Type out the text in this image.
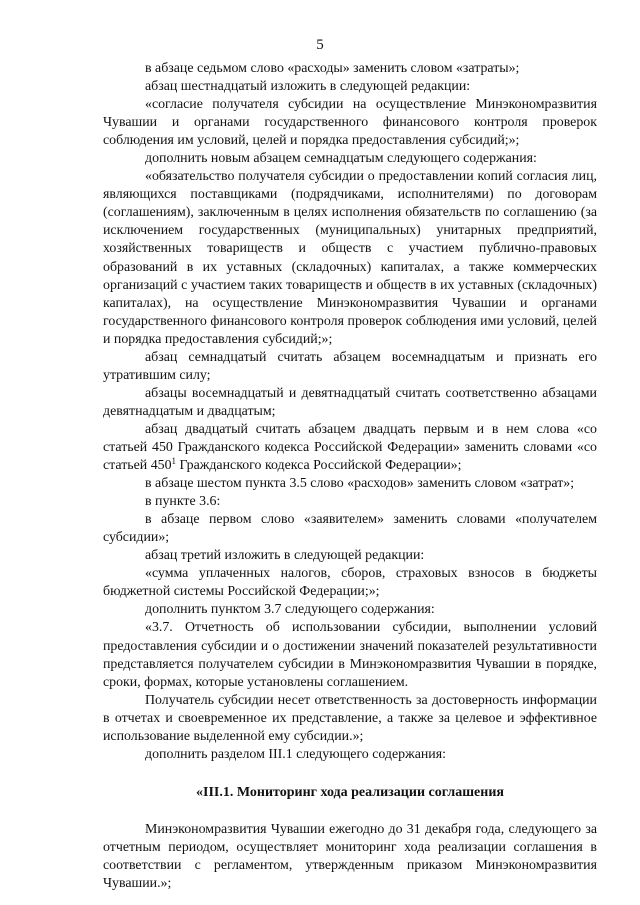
5

в абзаце седьмом слово «расходы» заменить словом «затраты»;

абзац шестнадцатый изложить в следующей редакции:

«согласие получателя субсидии на осуществление Минэкономразвития Чувашии и органами государственного финансового контроля проверок соблюдения им условий, целей и порядка предоставления субсидий;»;

дополнить новым абзацем семнадцатым следующего содержания:

«обязательство получателя субсидии о предоставлении копий согласия лиц, являющихся поставщиками (подрядчиками, исполнителями) по договорам (соглашениям), заключенным в целях исполнения обязательств по соглашению (за исключением государственных (муниципальных) унитарных предприятий, хозяйственных товариществ и обществ с участием публично-правовых образований в их уставных (складочных) капиталах, а также коммерческих организаций с участием таких товариществ и обществ в их уставных (складочных) капиталах), на осуществление Минэкономразвития Чувашии и органами государственного финансового контроля проверок соблюдения ими условий, целей и порядка предоставления субсидий;»;

абзац семнадцатый считать абзацем восемнадцатым и признать его утратившим силу;

абзацы восемнадцатый и девятнадцатый считать соответственно абзацами девятнадцатым и двадцатым;

абзац двадцатый считать абзацем двадцать первым и в нем слова «со статьей 450 Гражданского кодекса Российской Федерации» заменить словами «со статьей $450^1$ Гражданского кодекса Российской Федерации»;

в абзаце шестом пункта 3.5 слово «расходов» заменить словом «затрат»;

в пункте 3.6:

в абзаце первом слово «заявителем» заменить словами «получателем субсидии»;

абзац третий изложить в следующей редакции:

«сумма уплаченных налогов, сборов, страховых взносов в бюджеты бюджетной системы Российской Федерации;»;

дополнить пунктом 3.7 следующего содержания:

«3.7. Отчетность об использовании субсидии, выполнении условий предоставления субсидии и о достижении значений показателей результативности представляется получателем субсидии в Минэкономразвития Чувашии в порядке, сроки, формах, которые установлены соглашением.

Получатель субсидии несет ответственность за достоверность информации в отчетах и своевременное их представление, а также за целевое и эффективное использование выделенной ему субсидии.»;

дополнить разделом III.1 следующего содержания:

«III.1. Мониторинг хода реализации соглашения

Минэкономразвития Чувашии ежегодно до 31 декабря года, следующего за отчетным периодом, осуществляет мониторинг хода реализации соглашения в соответствии с регламентом, утвержденным приказом Минэкономразвития Чувашии.»;
